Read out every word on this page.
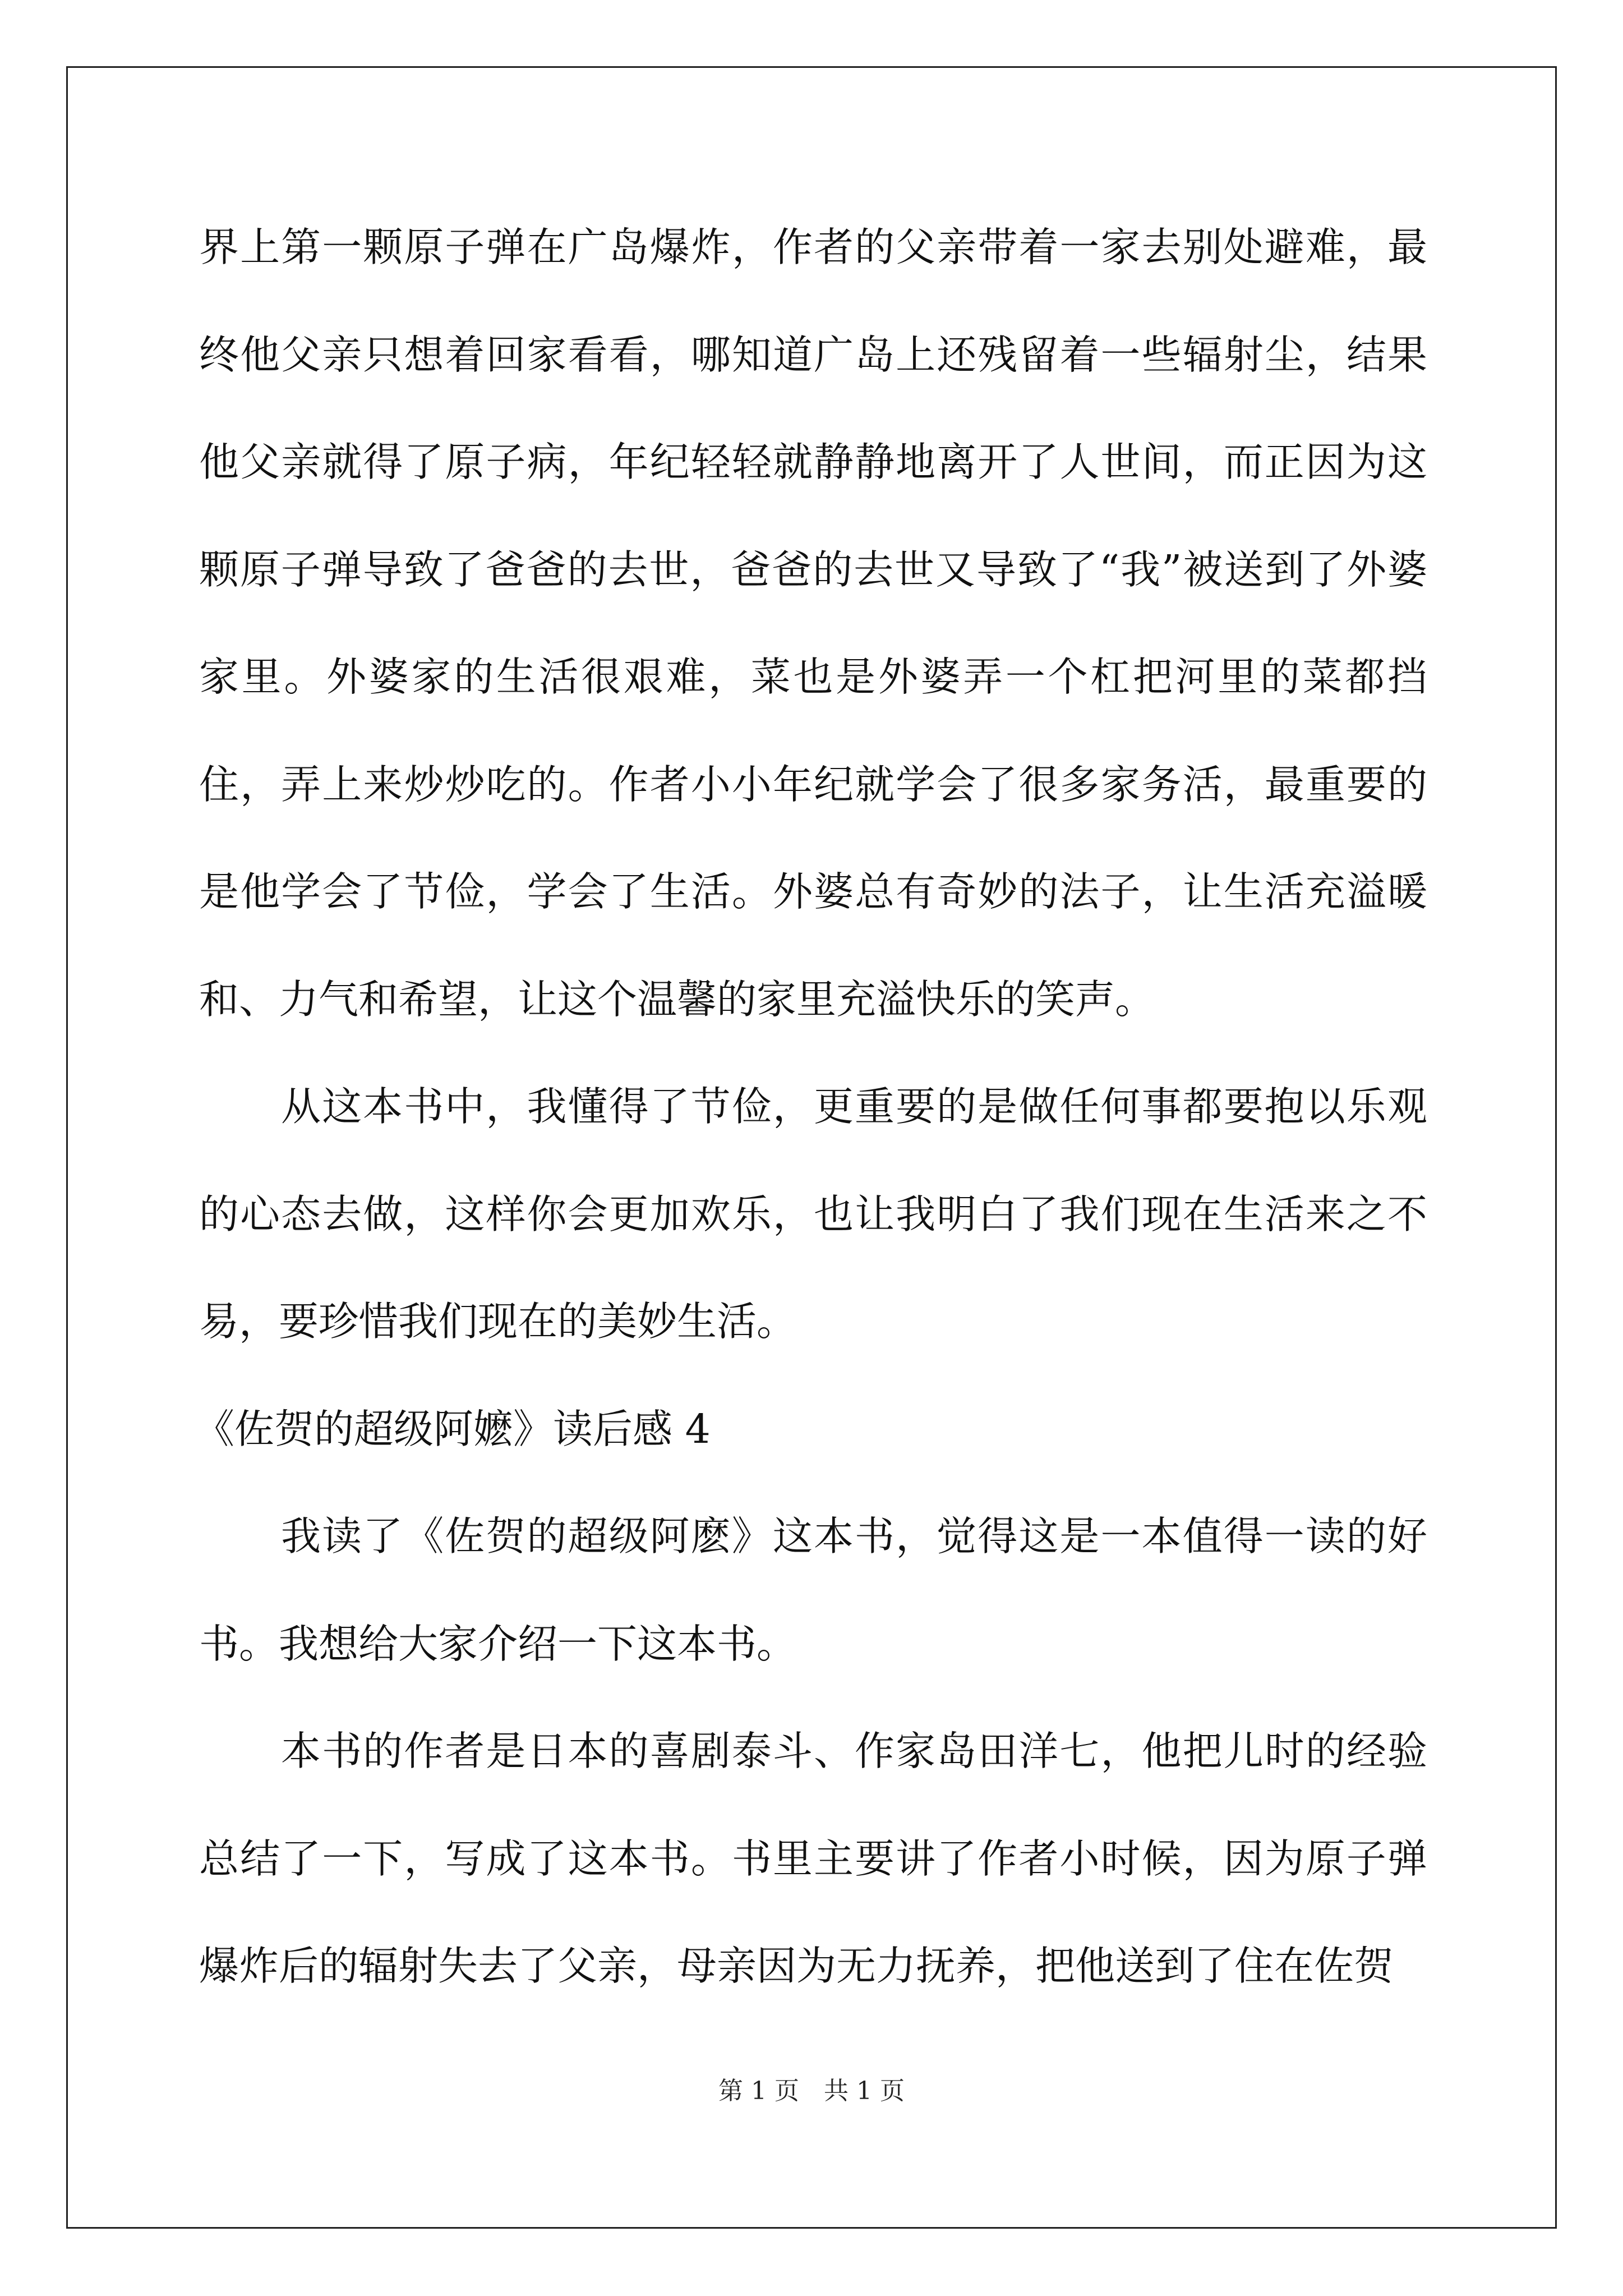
界上第一颗原子弹在广岛爆炸，作者的父亲带着一家去别处避难，最终他父亲只想着回家看看，哪知道广岛上还残留着一些辐射尘，结果他父亲就得了原子病，年纪轻轻就静静地离开了人世间，而正因为这颗原子弹导致了爸爸的去世，爸爸的去世又导致了“我”被送到了外婆家里。外婆家的生活很艰难，菜也是外婆弄一个杠把河里的菜都挡住，弄上来炒炒吃的。作者小小年纪就学会了很多家务活，最重要的是他学会了节俭，学会了生活。外婆总有奇妙的法子，让生活充溢暖和、力气和希望，让这个温馨的家里充溢快乐的笑声。

从这本书中，我懂得了节俭，更重要的是做任何事都要抱以乐观的心态去做，这样你会更加欢乐，也让我明白了我们现在生活来之不易，要珍惜我们现在的美妙生活。

《佐贺的超级阿嬷》读后感 4

我读了《佐贺的超级阿麽》这本书，觉得这是一本值得一读的好书。我想给大家介绍一下这本书。

本书的作者是日本的喜剧泰斗、作家岛田洋七，他把儿时的经验总结了一下，写成了这本书。书里主要讲了作者小时候，因为原子弹爆炸后的辐射失去了父亲，母亲因为无力抚养，把他送到了住在佐贺

第 1 页　共 1 页
